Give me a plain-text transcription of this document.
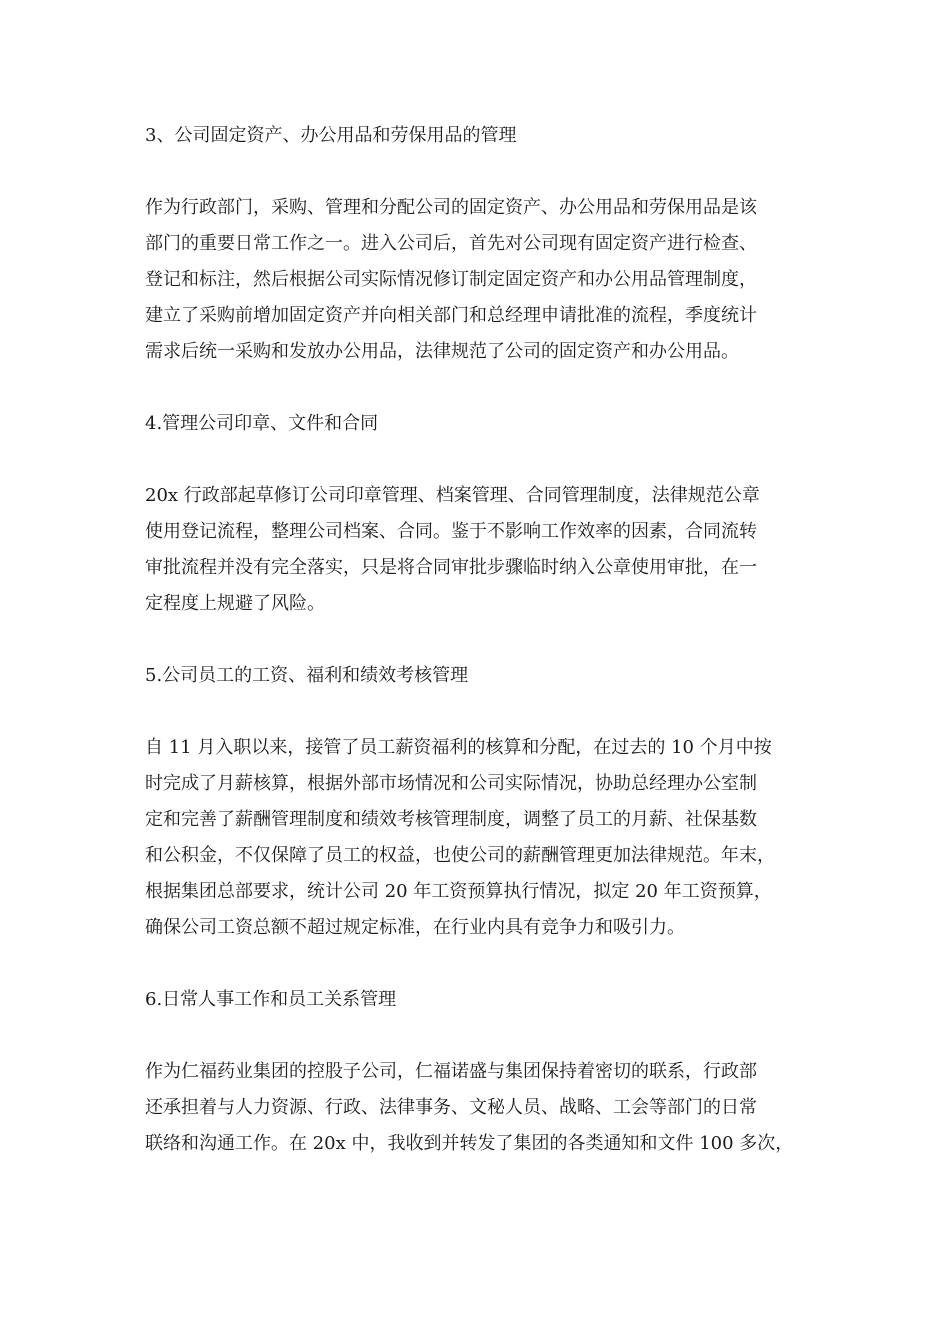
3、公司固定资产、办公用品和劳保用品的管理
作为行政部门，采购、管理和分配公司的固定资产、办公用品和劳保用品是该
部门的重要日常工作之一。进入公司后，首先对公司现有固定资产进行检查、
登记和标注，然后根据公司实际情况修订制定固定资产和办公用品管理制度，
建立了采购前增加固定资产并向相关部门和总经理申请批准的流程，季度统计
需求后统一采购和发放办公用品，法律规范了公司的固定资产和办公用品。
4.管理公司印章、文件和合同
20x 行政部起草修订公司印章管理、档案管理、合同管理制度，法律规范公章
使用登记流程，整理公司档案、合同。鉴于不影响工作效率的因素，合同流转
审批流程并没有完全落实，只是将合同审批步骤临时纳入公章使用审批，在一
定程度上规避了风险。
5.公司员工的工资、福利和绩效考核管理
自 11 月入职以来，接管了员工薪资福利的核算和分配，在过去的 10 个月中按
时完成了月薪核算，根据外部市场情况和公司实际情况，协助总经理办公室制
定和完善了薪酬管理制度和绩效考核管理制度，调整了员工的月薪、社保基数
和公积金，不仅保障了员工的权益，也使公司的薪酬管理更加法律规范。年末，
根据集团总部要求，统计公司 20 年工资预算执行情况，拟定 20 年工资预算，
确保公司工资总额不超过规定标准，在行业内具有竞争力和吸引力。
6.日常人事工作和员工关系管理
作为仁福药业集团的控股子公司，仁福诺盛与集团保持着密切的联系，行政部
还承担着与人力资源、行政、法律事务、文秘人员、战略、工会等部门的日常
联络和沟通工作。在 20x 中，我收到并转发了集团的各类通知和文件 100 多次，
